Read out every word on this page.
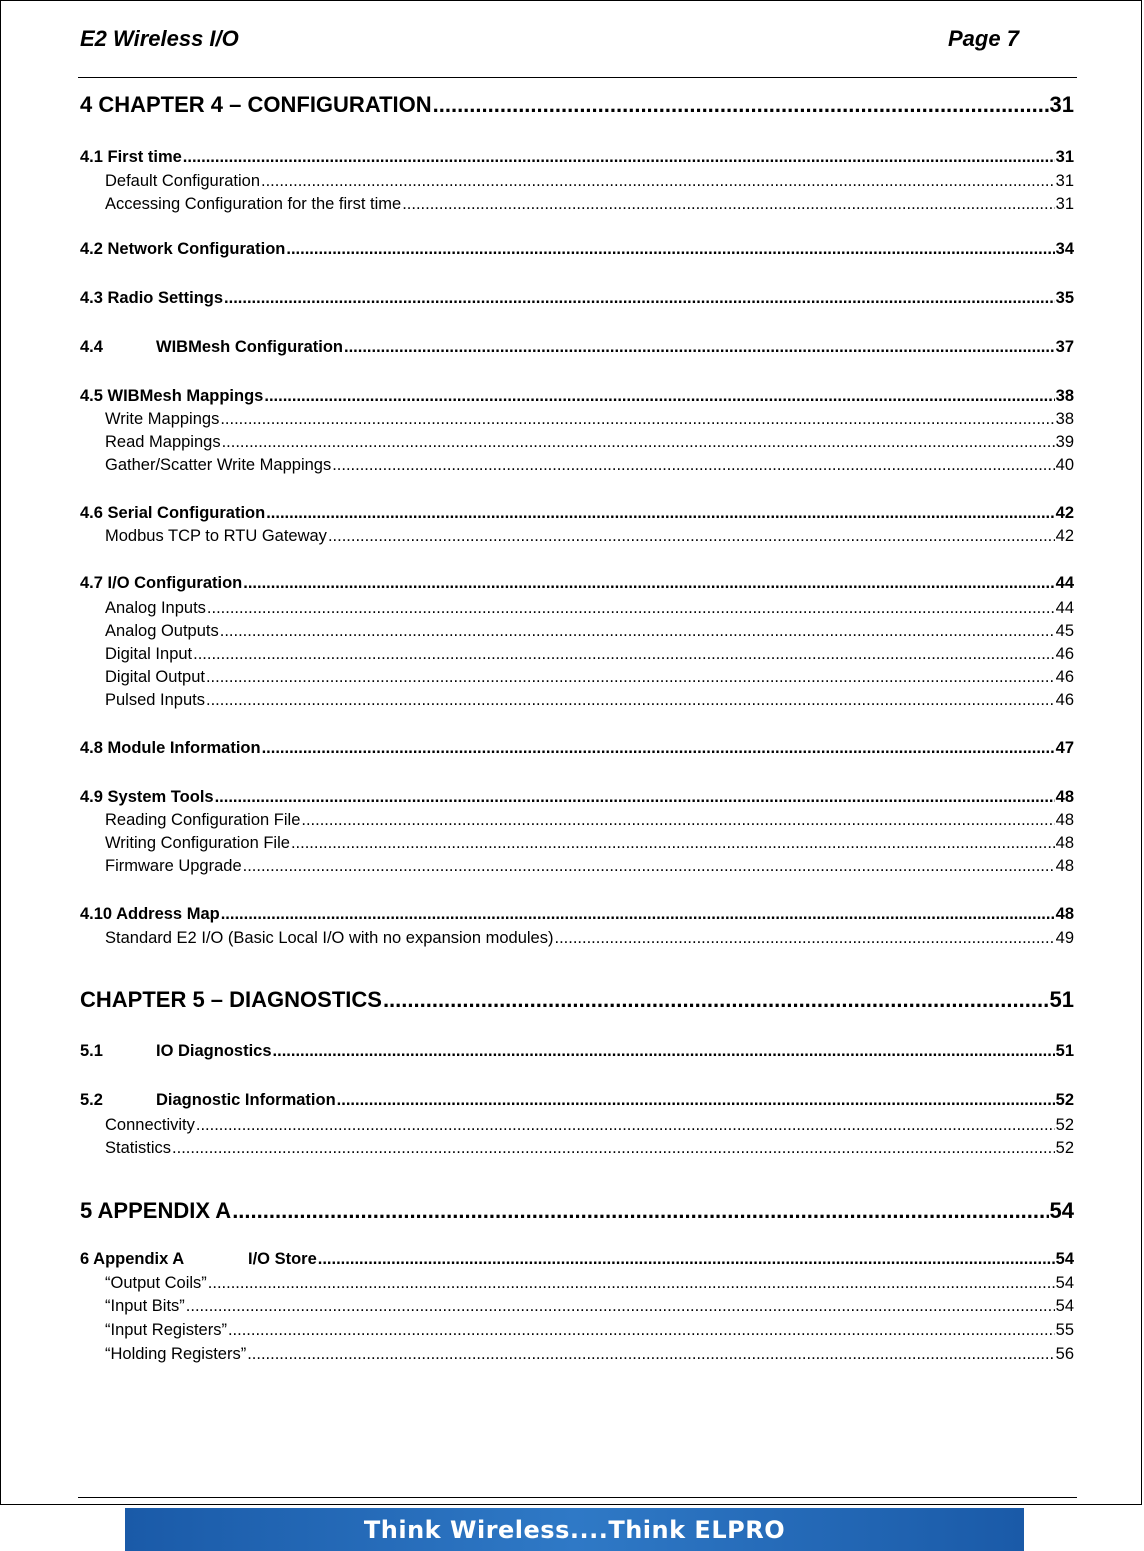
E2 Wireless I/O	Page 7
4 CHAPTER 4 – CONFIGURATION .....	31
4.1 First time .....	31
Default Configuration .....	31
Accessing Configuration for the first time .....	31
4.2 Network Configuration .....	34
4.3 Radio Settings .....	35
4.4	WIBMesh Configuration .....	37
4.5 WIBMesh Mappings .....	38
Write Mappings .....	38
Read Mappings .....	39
Gather/Scatter Write Mappings .....	40
4.6 Serial Configuration .....	42
Modbus TCP to RTU Gateway .....	42
4.7 I/O Configuration .....	44
Analog Inputs .....	44
Analog Outputs .....	45
Digital Input .....	46
Digital Output .....	46
Pulsed Inputs .....	46
4.8 Module Information .....	47
4.9 System Tools .....	48
Reading Configuration File .....	48
Writing Configuration File .....	48
Firmware Upgrade .....	48
4.10 Address Map .....	48
Standard E2 I/O (Basic Local I/O with no expansion modules) .....	49
CHAPTER 5 – DIAGNOSTICS .....	51
5.1	IO Diagnostics .....	51
5.2	Diagnostic Information .....	52
Connectivity .....	52
Statistics .....	52
5 APPENDIX A .....	54
6 Appendix A	I/O Store .....	54
“Output Coils” .....	54
“Input Bits” .....	54
“Input Registers” .....	55
“Holding Registers” .....	56
Think Wireless....Think ELPRO
